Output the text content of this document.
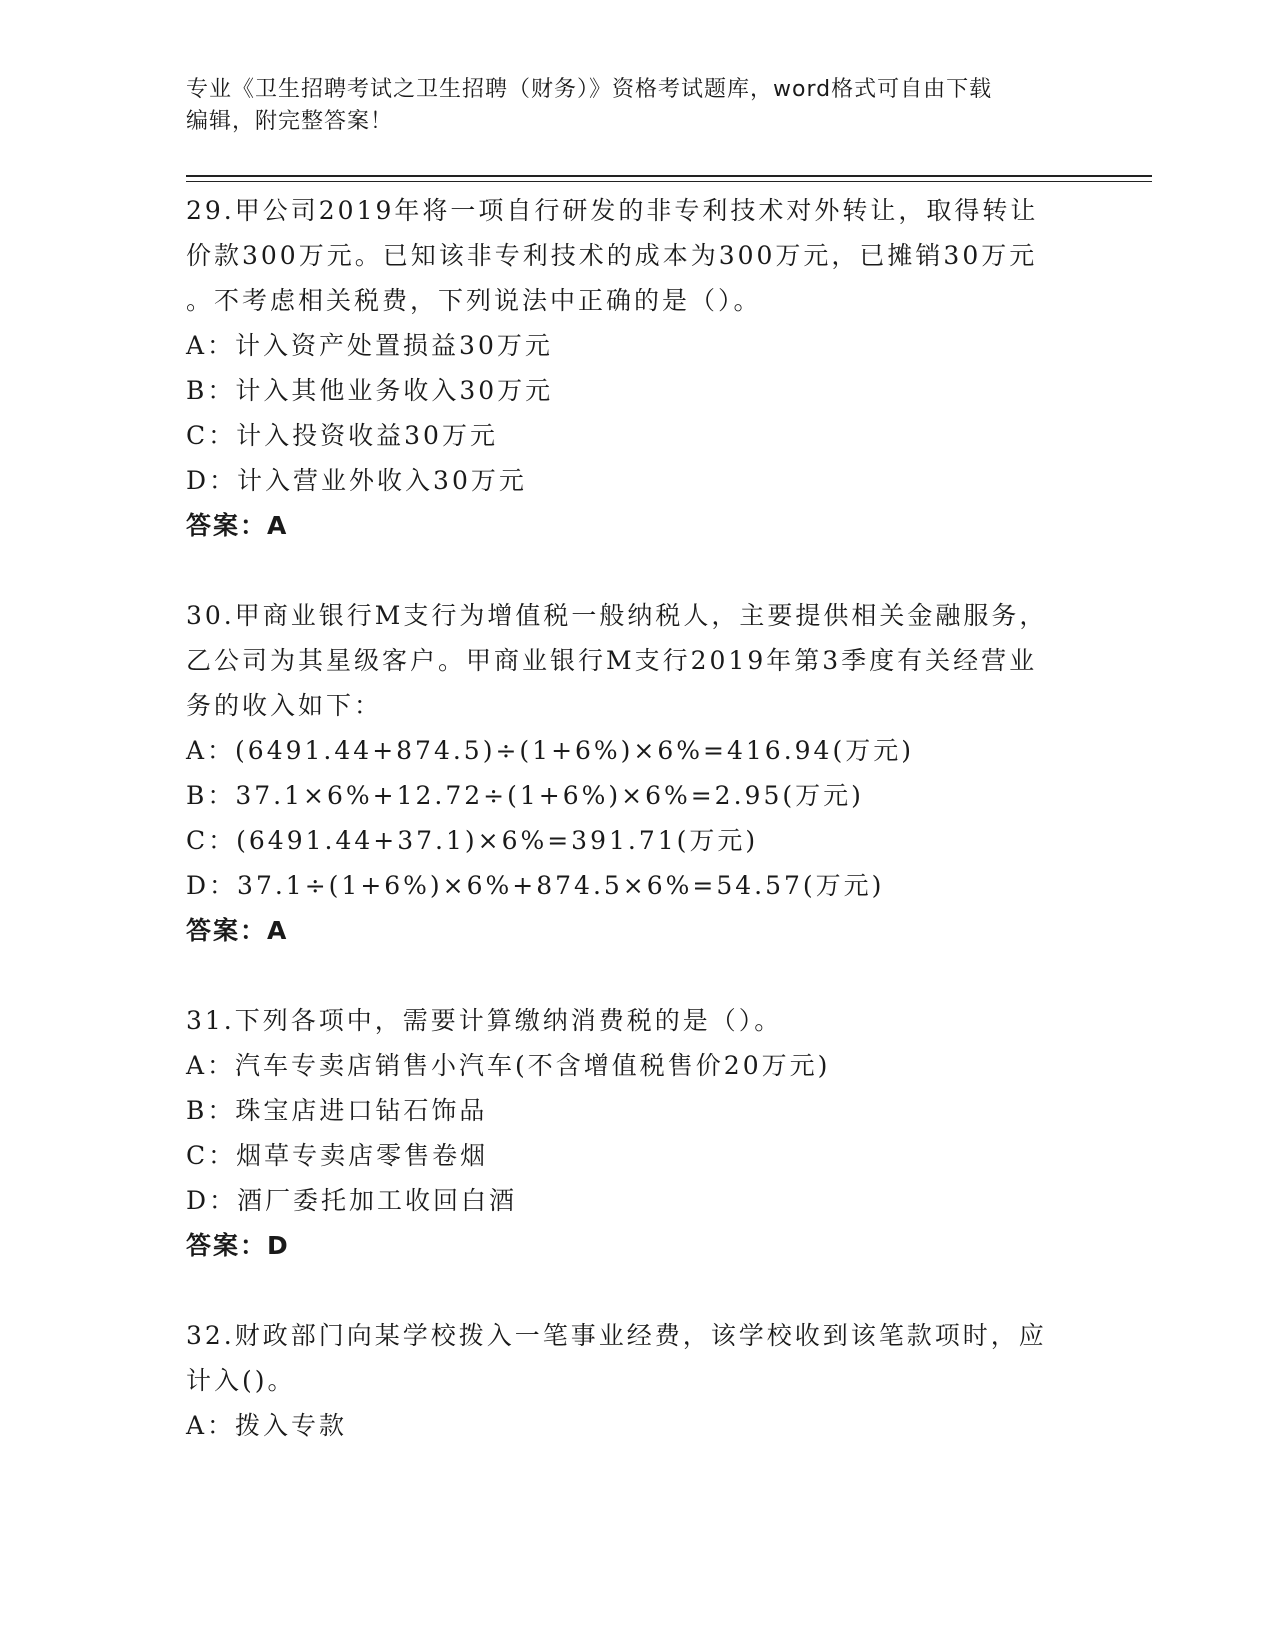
专业《卫生招聘考试之卫生招聘（财务）》资格考试题库，word格式可自由下载
编辑，附完整答案！

29.甲公司2019年将一项自行研发的非专利技术对外转让，取得转让

价款300万元。已知该非专利技术的成本为300万元，已摊销30万元

。不考虑相关税费，下列说法中正确的是（）。

A：计入资产处置损益30万元

B：计入其他业务收入30万元

C：计入投资收益30万元

D：计入营业外收入30万元

答案：A

30.甲商业银行M支行为增值税一般纳税人，主要提供相关金融服务，

乙公司为其星级客户。甲商业银行M支行2019年第3季度有关经营业

务的收入如下：

A：(6491.44+874.5)÷(1+6%)×6%=416.94(万元)

B：37.1×6%+12.72÷(1+6%)×6%=2.95(万元)

C：(6491.44+37.1)×6%=391.71(万元)

D：37.1÷(1+6%)×6%+874.5×6%=54.57(万元)

答案：A

31.下列各项中，需要计算缴纳消费税的是（）。

A：汽车专卖店销售小汽车(不含增值税售价20万元)

B：珠宝店进口钻石饰品

C：烟草专卖店零售卷烟

D：酒厂委托加工收回白酒

答案：D

32.财政部门向某学校拨入一笔事业经费，该学校收到该笔款项时，应

计入()。

A：拨入专款
